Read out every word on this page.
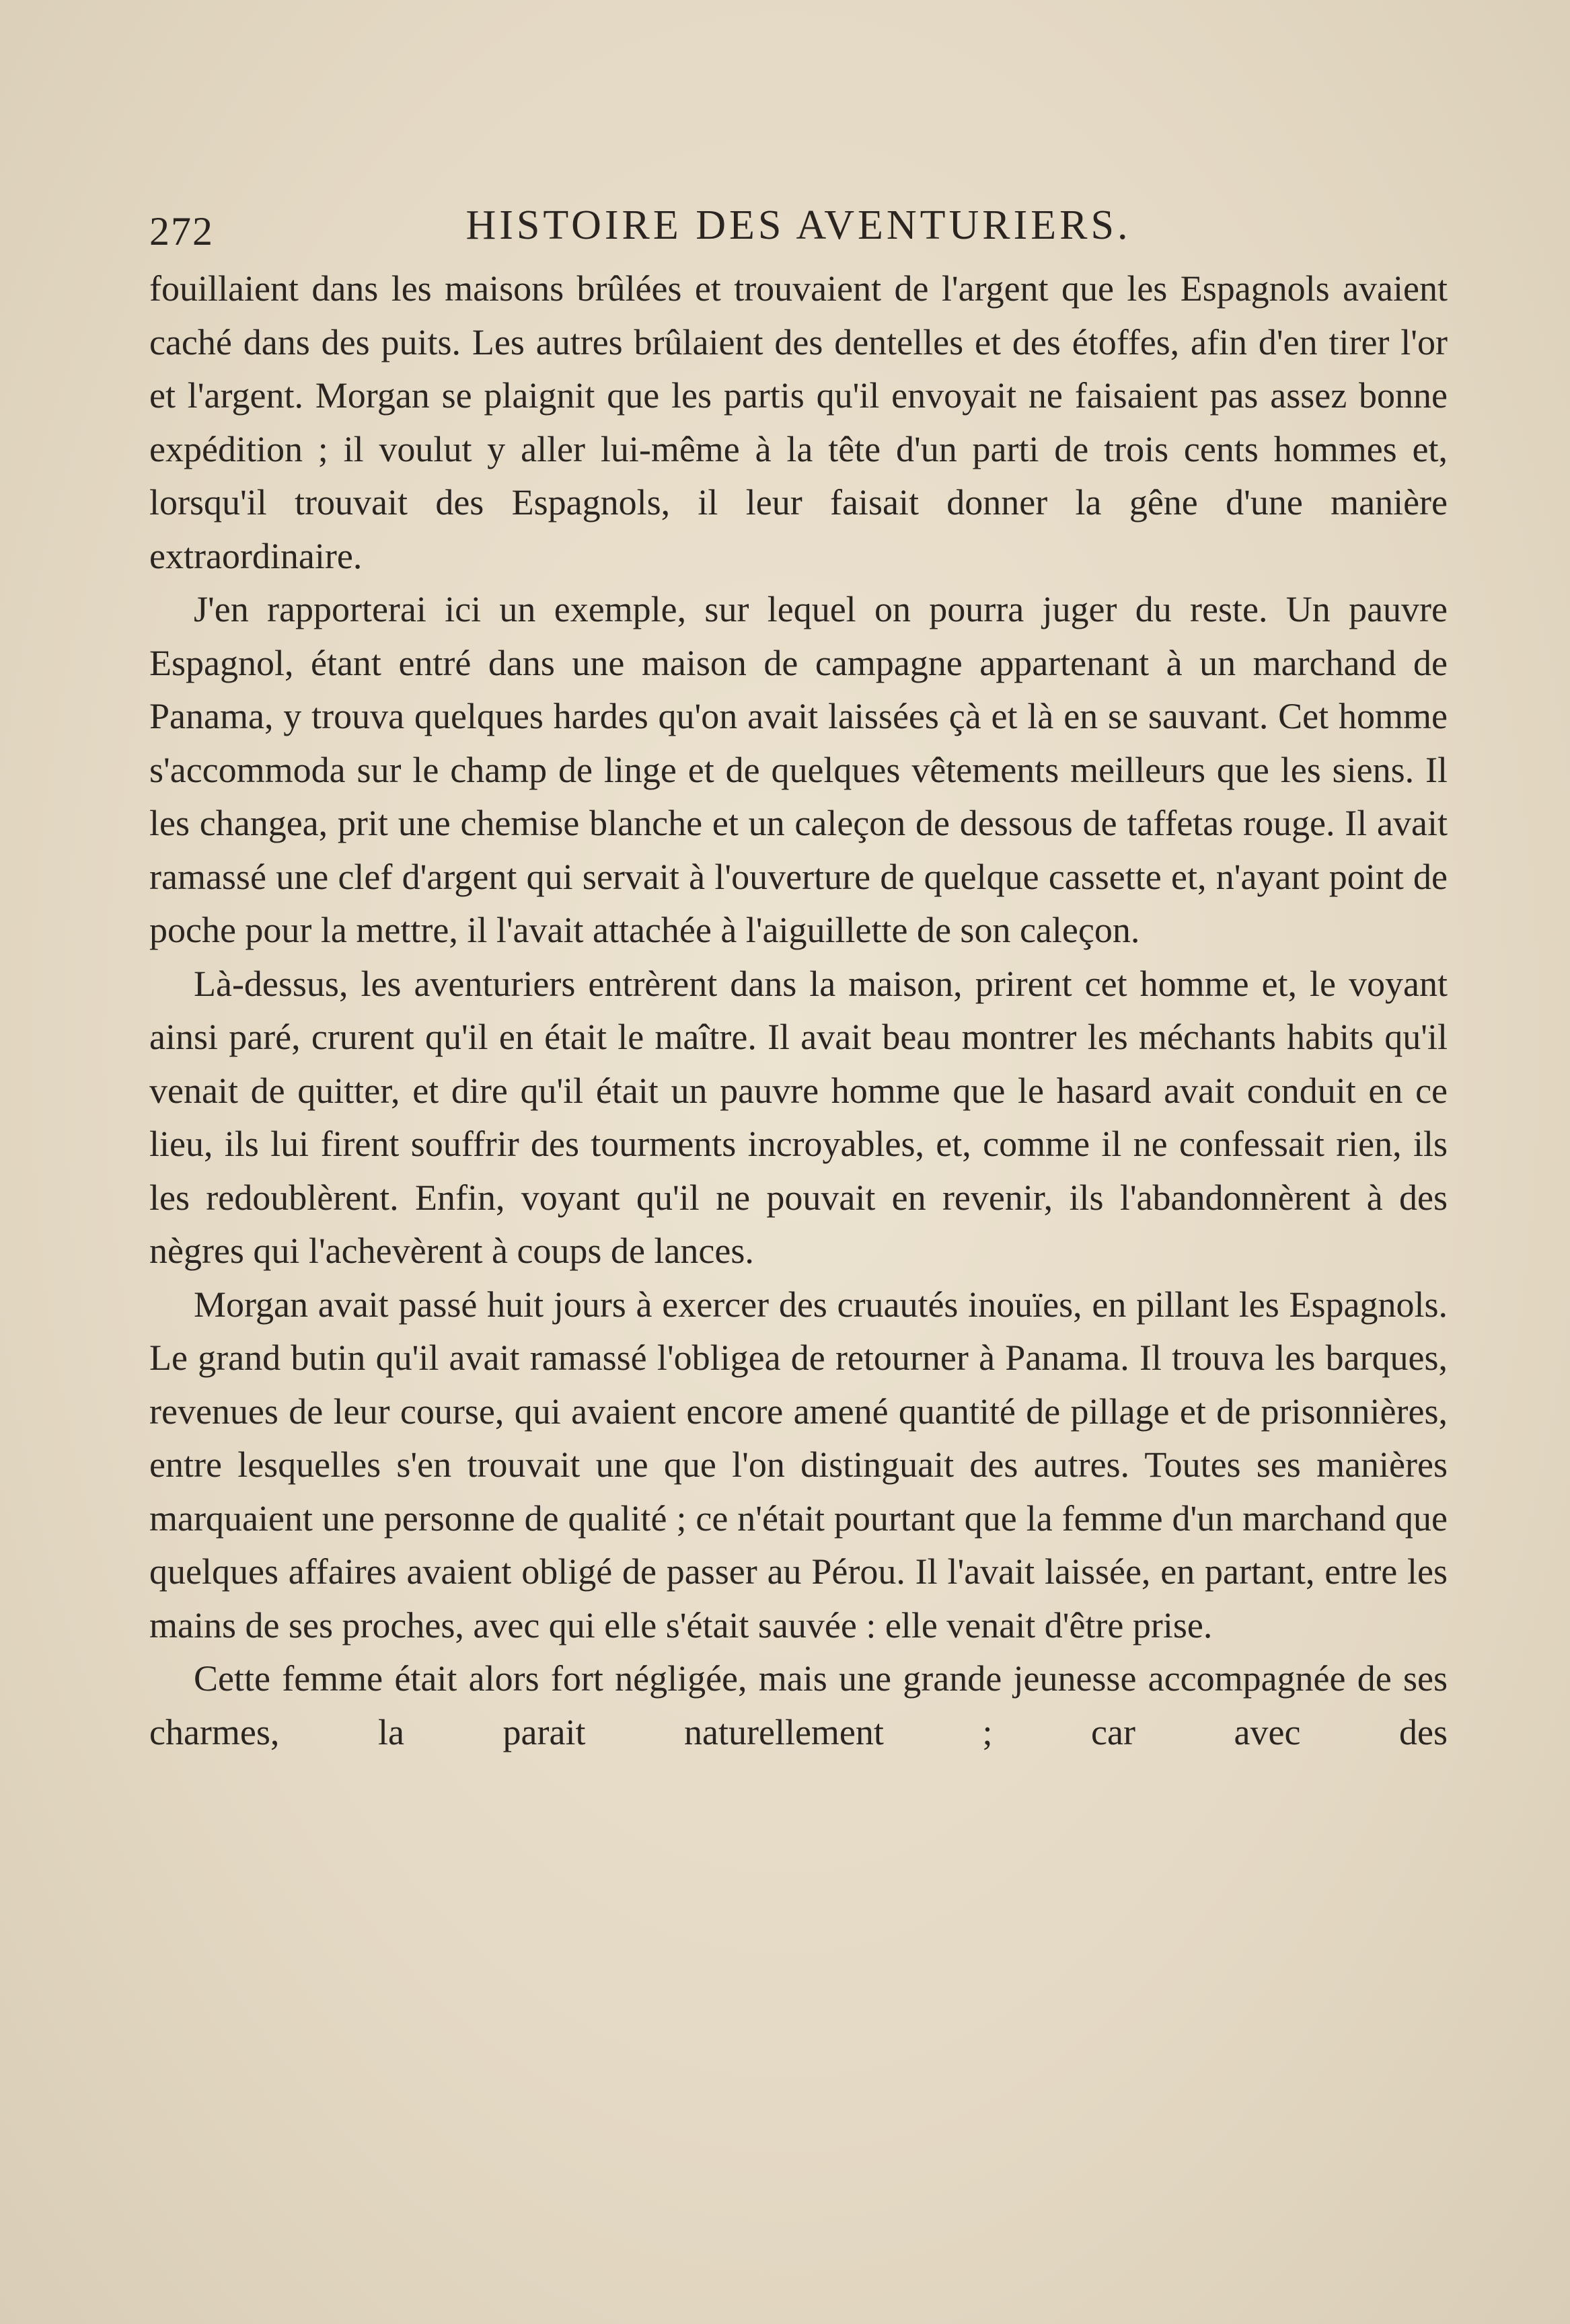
272	HISTOIRE DES AVENTURIERS.

fouillaient dans les maisons brûlées et trouvaient de l'argent que les Espagnols avaient caché dans des puits. Les autres brûlaient des dentelles et des étoffes, afin d'en tirer l'or et l'argent. Morgan se plaignit que les partis qu'il envoyait ne faisaient pas assez bonne expédition ; il voulut y aller lui-même à la tête d'un parti de trois cents hommes et, lorsqu'il trouvait des Espagnols, il leur faisait donner la gêne d'une manière extraordinaire.

J'en rapporterai ici un exemple, sur lequel on pourra juger du reste. Un pauvre Espagnol, étant entré dans une maison de campagne appartenant à un marchand de Panama, y trouva quelques hardes qu'on avait laissées çà et là en se sauvant. Cet homme s'accommoda sur le champ de linge et de quelques vêtements meilleurs que les siens. Il les changea, prit une chemise blanche et un caleçon de dessous de taffetas rouge. Il avait ramassé une clef d'argent qui servait à l'ouverture de quelque cassette et, n'ayant point de poche pour la mettre, il l'avait attachée à l'aiguillette de son caleçon.

Là-dessus, les aventuriers entrèrent dans la maison, prirent cet homme et, le voyant ainsi paré, crurent qu'il en était le maître. Il avait beau montrer les méchants habits qu'il venait de quitter, et dire qu'il était un pauvre homme que le hasard avait conduit en ce lieu, ils lui firent souffrir des tourments incroyables, et, comme il ne confessait rien, ils les redoublèrent. Enfin, voyant qu'il ne pouvait en revenir, ils l'abandonnèrent à des nègres qui l'achevèrent à coups de lances.

Morgan avait passé huit jours à exercer des cruautés inouïes, en pillant les Espagnols. Le grand butin qu'il avait ramassé l'obligea de retourner à Panama. Il trouva les barques, revenues de leur course, qui avaient encore amené quantité de pillage et de prisonnières, entre lesquelles s'en trouvait une que l'on distinguait des autres. Toutes ses manières marquaient une personne de qualité ; ce n'était pourtant que la femme d'un marchand que quelques affaires avaient obligé de passer au Pérou. Il l'avait laissée, en partant, entre les mains de ses proches, avec qui elle s'était sauvée : elle venait d'être prise.

Cette femme était alors fort négligée, mais une grande jeunesse accompagnée de ses charmes, la parait naturellement ; car avec des
